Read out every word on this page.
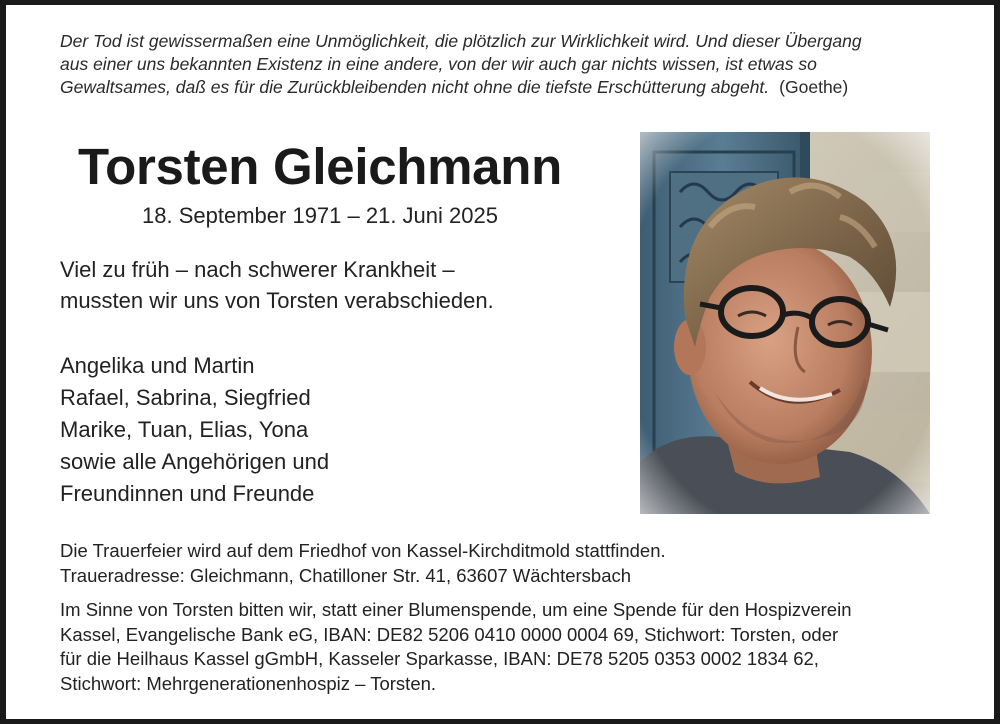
Der Tod ist gewissermaßen eine Unmöglichkeit, die plötzlich zur Wirklichkeit wird. Und dieser Übergang
aus einer uns bekannten Existenz in eine andere, von der wir auch gar nichts wissen, ist etwas so
Gewaltsames, daß es für die Zurückbleibenden nicht ohne die tiefste Erschütterung abgeht. (Goethe)
Torsten Gleichmann
18. September 1971 – 21. Juni 2025
Viel zu früh – nach schwerer Krankheit –
mussten wir uns von Torsten verabschieden.
Angelika und Martin
Rafael, Sabrina, Siegfried
Marike, Tuan, Elias, Yona
sowie alle Angehörigen und
Freundinnen und Freunde
Die Trauerfeier wird auf dem Friedhof von Kassel-Kirchditmold stattfinden.
Traueradresse: Gleichmann, Chatilloner Str. 41, 63607 Wächtersbach
Im Sinne von Torsten bitten wir, statt einer Blumenspende, um eine Spende für den Hospizverein
Kassel, Evangelische Bank eG, IBAN: DE82 5206 0410 0000 0004 69, Stichwort: Torsten, oder
für die Heilhaus Kassel gGmbH, Kasseler Sparkasse, IBAN: DE78 5205 0353 0002 1834 62,
Stichwort: Mehrgenerationenhospiz – Torsten.
